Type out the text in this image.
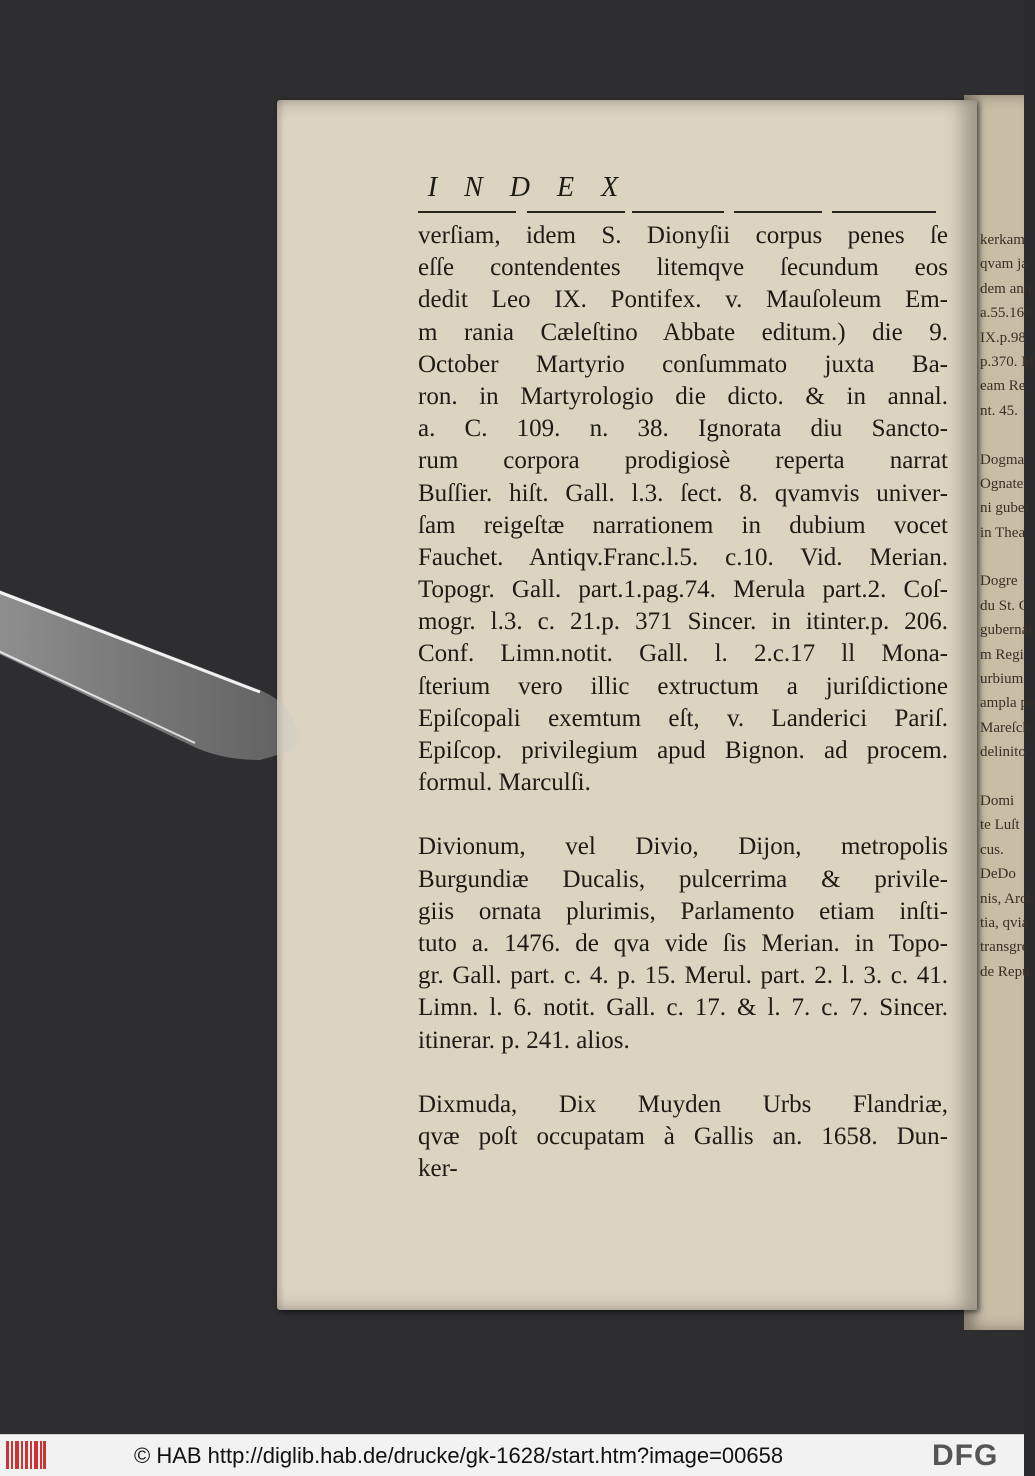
kerkam
qvam ja
dem ann
a.55.160
IX.p.98
p.370. M
eam Re
nt. 45.
Dogma
Ognate
ni guber
in Thea
Dogre
du St. G
gubernat
m Regi
urbium
ampla pe
Mareſch
delinito
Domi
te Luſt
cus.
DeDo
nis, Arch
tia, qvia
transgre
de Repu
I N D E X
verſiam, idem S. Dionyſii corpus penes ſe
eſſe contendentes litemqve ſecundum eos
dedit Leo IX. Pontifex. v. Mauſoleum Em-
m rania Cæleſtino Abbate editum.) die 9.
October Martyrio conſummato juxta Ba-
ron. in Martyrologio die dicto. & in annal.
a. C. 109. n. 38. Ignorata diu Sancto-
rum corpora prodigiosè reperta narrat
Buſſier. hiſt. Gall. l.3. ſect. 8. qvamvis univer-
ſam reigeſtæ narrationem in dubium vocet
Fauchet. Antiqv.Franc.l.5. c.10. Vid. Merian.
Topogr. Gall. part.1.pag.74. Merula part.2. Coſ-
mogr. l.3. c. 21.p. 371 Sincer. in itinter.p. 206.
Conf. Limn.notit. Gall. l. 2.c.17 ll Mona-
ſterium vero illic extructum a juriſdictione
Epiſcopali exemtum eſt, v. Landerici Pariſ.
Epiſcop. privilegium apud Bignon. ad procem.
formul. Marculſi.
Divionum, vel Divio, Dijon, metropolis
Burgundiæ Ducalis, pulcerrima & privile-
giis ornata plurimis, Parlamento etiam inſti-
tuto a. 1476. de qva vide ſis Merian. in Topo-
gr. Gall. part. c. 4. p. 15. Merul. part. 2. l. 3. c. 41.
Limn. l. 6. notit. Gall. c. 17. & l. 7. c. 7. Sincer.
itinerar. p. 241. alios.
Dixmuda, Dix Muyden Urbs Flandriæ,
qvæ poſt occupatam à Gallis an. 1658. Dun-
ker-
© HAB http://diglib.hab.de/drucke/gk-1628/start.htm?image=00658	DFG
